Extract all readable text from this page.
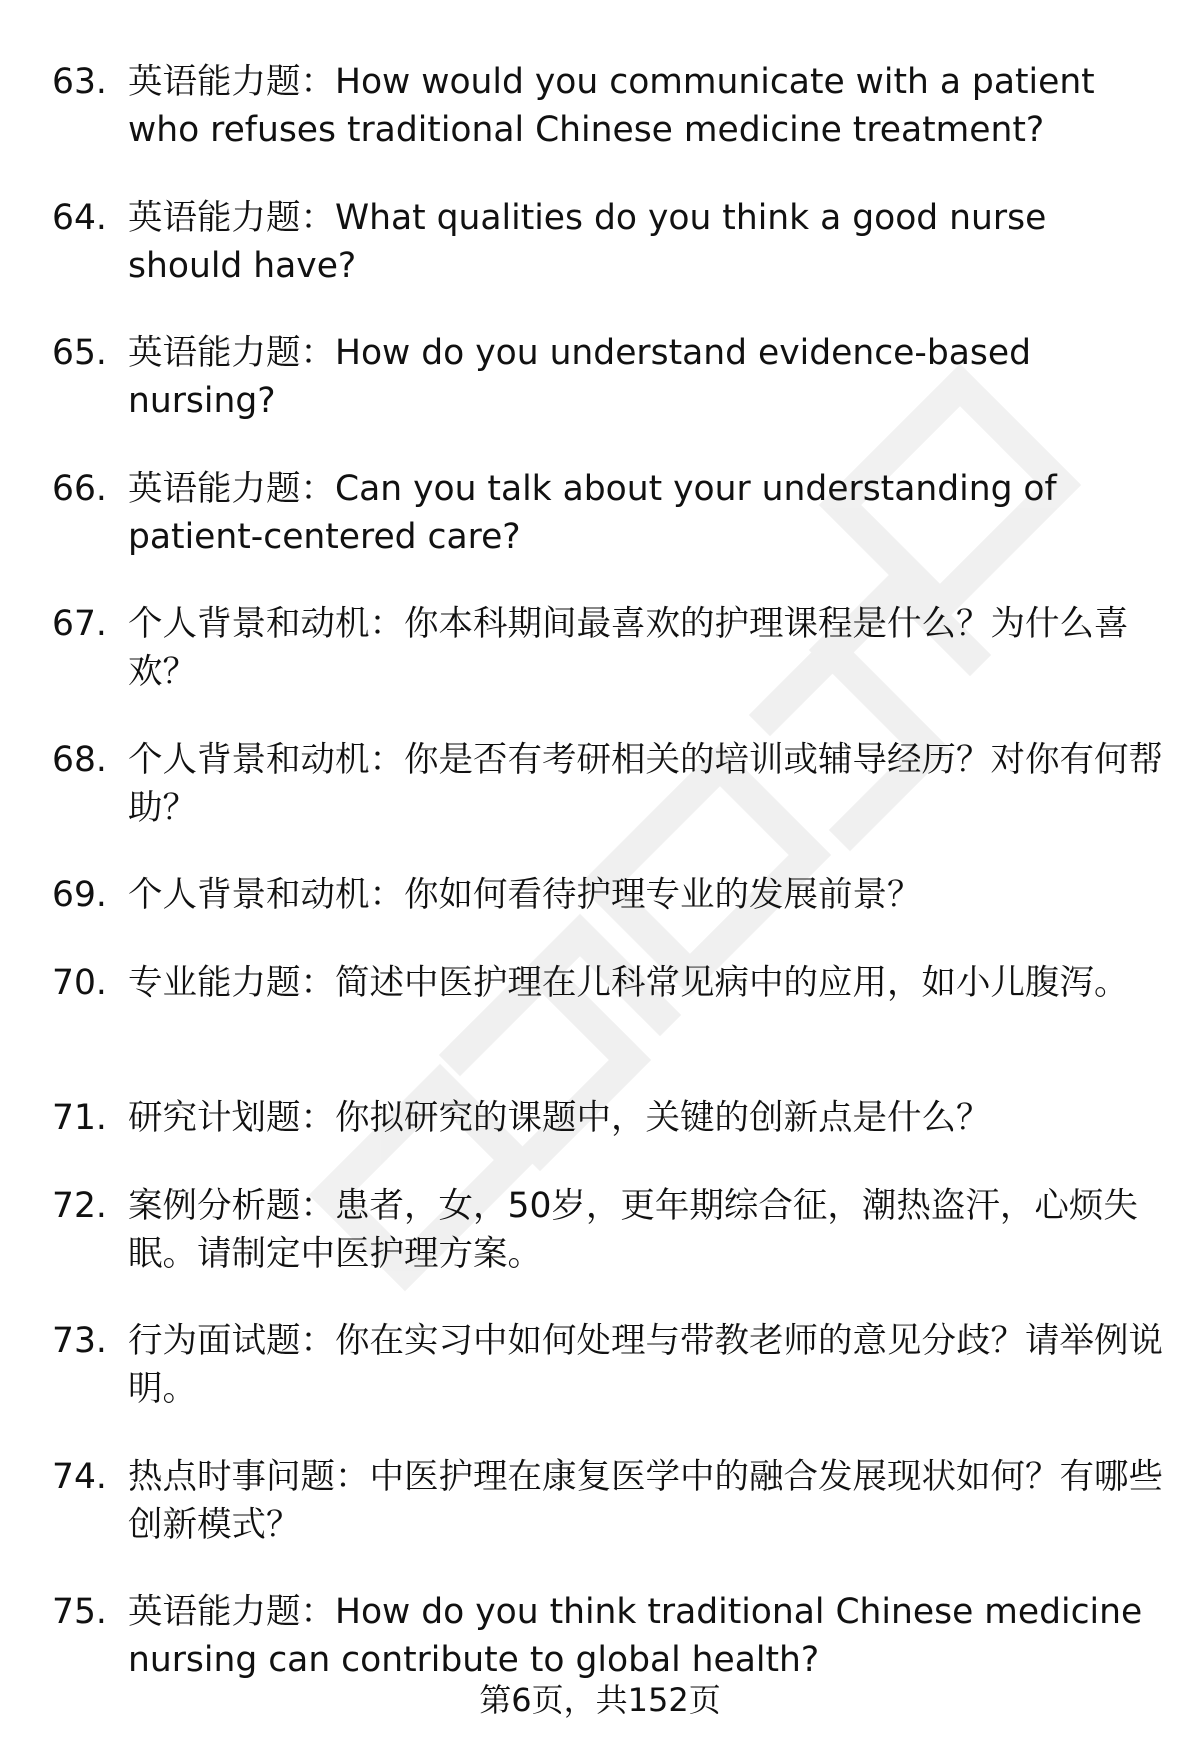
63. 英语能力题：How would you communicate with a patient who refuses traditional Chinese medicine treatment?
64. 英语能力题：What qualities do you think a good nurse should have?
65. 英语能力题：How do you understand evidence-based nursing?
66. 英语能力题：Can you talk about your understanding of patient-centered care?
67. 个人背景和动机：你本科期间最喜欢的护理课程是什么？为什么喜欢？
68. 个人背景和动机：你是否有考研相关的培训或辅导经历？对你有何帮助？
69. 个人背景和动机：你如何看待护理专业的发展前景？
70. 专业能力题：简述中医护理在儿科常见病中的应用，如小儿腹泻。
71. 研究计划题：你拟研究的课题中，关键的创新点是什么？
72. 案例分析题：患者，女，50岁，更年期综合征，潮热盗汗，心烦失眠。请制定中医护理方案。
73. 行为面试题：你在实习中如何处理与带教老师的意见分歧？请举例说明。
74. 热点时事问题：中医护理在康复医学中的融合发展现状如何？有哪些创新模式？
75. 英语能力题：How do you think traditional Chinese medicine nursing can contribute to global health?
第6页，共152页
